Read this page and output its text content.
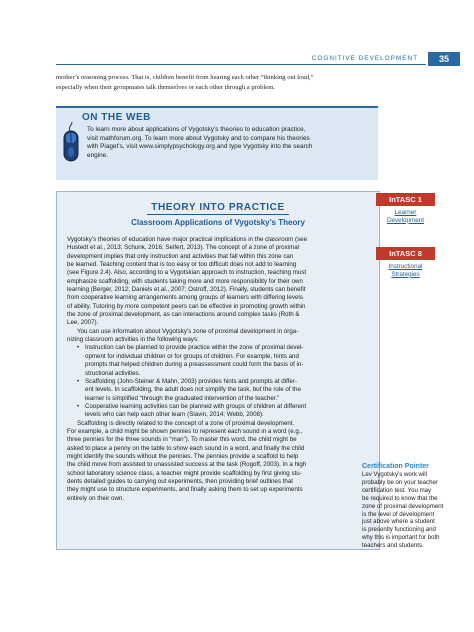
COGNITIVE DEVELOPMENT	35
mother’s reasoning process. That is, children benefit from hearing each other “thinking out loud,”
especially when their groupmates talk themselves or each other through a problem.
ON THE WEB
To learn more about applications of Vygotsky’s theories to education practice,
visit mathforum.org. To learn more about Vygotsky and to compare his theories
with Piaget’s, visit www.simplypsychology.org and type Vygotsky into the search
engine.
THEORY INTO PRACTICE
Classroom Applications of Vygotsky’s Theory

Vygotsky’s theories of education have major practical implications in the classroom (see
Hustedt et al., 2013; Schunk, 2016; Seifert, 2013). The concept of a zone of proximal
development implies that only instruction and activities that fall within this zone can
be learned. Teaching content that is too easy or too difficult does not add to learning
(see Figure 2.4). Also, according to a Vygotskian approach to instruction, teaching must
emphasize scaffolding, with students taking more and more responsibility for their own
learning (Berger, 2012; Daniels et al., 2007; Ostroff, 2012). Finally, students can benefit
from cooperative learning arrangements among groups of learners with differing levels
of ability. Tutoring by more competent peers can be effective in promoting growth within
the zone of proximal development, as can interactions around complex tasks (Roth &
Lee, 2007).

You can use information about Vygotsky’s zone of proximal development in orga-
nizing classroom activities in the following ways:

• Instruction can be planned to provide practice within the zone of proximal devel-
opment for individual children or for groups of children. For example, hints and
prompts that helped children during a preassessment could form the basis of in-
structional activities.
• Scaffolding (John-Steiner & Mahn, 2003) provides hints and prompts at differ-
ent levels. In scaffolding, the adult does not simplify the task, but the role of the
learner is simplified “through the graduated intervention of the teacher.”
• Cooperative learning activities can be planned with groups of children at different
levels who can help each other learn (Slavin, 2014; Webb, 2008).

Scaffolding is directly related to the concept of a zone of proximal development.
For example, a child might be shown pennies to represent each sound in a word (e.g.,
three pennies for the three sounds in “man”). To master this word, the child might be
asked to place a penny on the table to show each sound in a word, and finally the child
might identify the sounds without the pennies. The pennies provide a scaffold to help
the child move from assisted to unassisted success at the task (Rogoff, 2003). In a high
school laboratory science class, a teacher might provide scaffolding by first giving stu-
dents detailed guides to carrying out experiments, then providing brief outlines that
they might use to structure experiments, and finally asking them to set up experiments
entirely on their own.

InTASC 1
Learner
Development
InTASC 8
Instructional
Strategies
Certification Pointer
Lev Vygotsky’s work will
probably be on your teacher
certification test. You may
be required to know that the
zone of proximal development
is the level of development
just above where a student
is presently functioning and
why this is important for both
teachers and students.
